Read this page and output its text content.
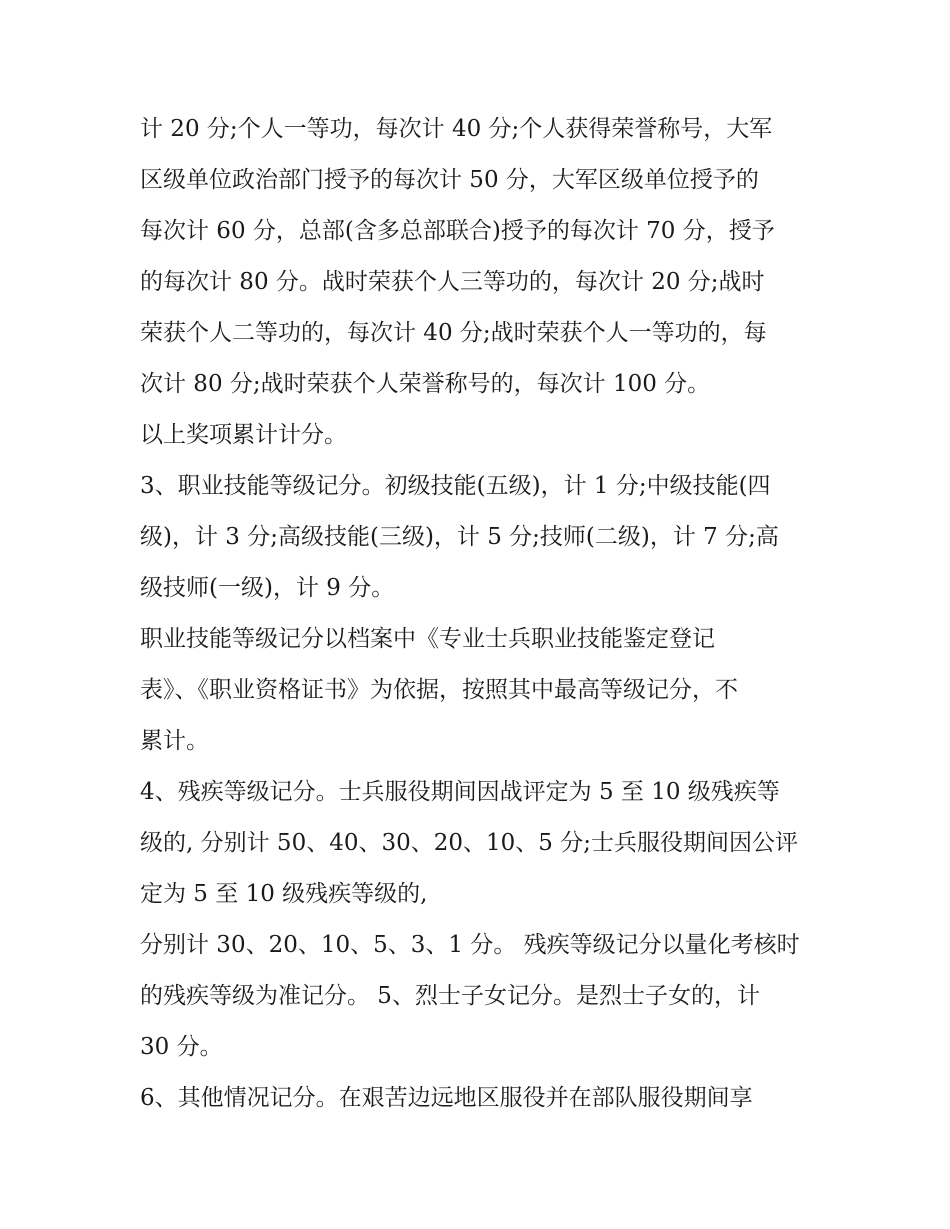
计 20 分;个人一等功，每次计 40 分;个人获得荣誉称号，大军

区级单位政治部门授予的每次计 50 分，大军区级单位授予的

每次计 60 分，总部(含多总部联合)授予的每次计 70 分，授予

的每次计 80 分。战时荣获个人三等功的，每次计 20 分;战时

荣获个人二等功的，每次计 40 分;战时荣获个人一等功的，每

次计 80 分;战时荣获个人荣誉称号的，每次计 100 分。

以上奖项累计计分。

3、职业技能等级记分。初级技能(五级)，计 1 分;中级技能(四

级)，计 3 分;高级技能(三级)，计 5 分;技师(二级)，计 7 分;高

级技师(一级)，计 9 分。

职业技能等级记分以档案中《专业士兵职业技能鉴定登记

表》、《职业资格证书》为依据，按照其中最高等级记分，不

累计。

4、残疾等级记分。士兵服役期间因战评定为 5 至 10 级残疾等

级的, 分别计 50、40、30、20、10、5 分;士兵服役期间因公评

定为 5 至 10 级残疾等级的,

分别计 30、20、10、5、3、1 分。 残疾等级记分以量化考核时

的残疾等级为准记分。 5、烈士子女记分。是烈士子女的，计

30 分。

6、其他情况记分。在艰苦边远地区服役并在部队服役期间享
